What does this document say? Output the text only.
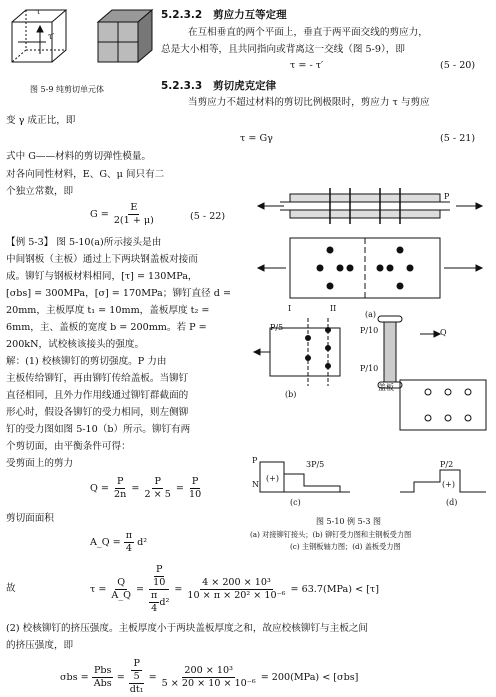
τ
τ′
图 5-9 纯剪切单元体
5.2.3.2 剪应力互等定理
在互相垂直的两个平面上，垂直于两平面交线的剪应力，
总是大小相等，且共同指向或背离这一交线（图 5-9），即
τ = - τ′	(5 - 20)
5.2.3.3 剪切虎克定律
当剪应力不超过材料的剪切比例极限时，剪应力 τ 与剪应
变 γ 成正比，即
τ = Gγ	(5 - 21)
式中 G——材料的剪切弹性模量。
对各向同性材料，E、G、μ 间只有二
个独立常数，即
$G = \frac{E}{2(1 + \mu)}$	(5 - 22)
【例 5-3】 图 5-10(a)所示接头是由
中间钢板（主板）通过上下两块钢盖板对接而
成。铆钉与钢板材料相同，[τ] = 130MPa，
[σbs] = 300MPa，[σ] = 170MPa；铆钉直径 d =
20mm，主板厚度 t₁ = 10mm，盖板厚度 t₂ =
6mm，主、盖板的宽度 b = 200mm。若 P =
200kN，试校核该接头的强度。
解：(1) 校核铆钉的剪切强度。P 力由
主板传给铆钉，再由铆钉传给盖板。当铆钉
直径相同，且外力作用线通过铆钉群截面的
形心时，假设各铆钉的受力相同，则左侧铆
钉的受力图如图 5-10（b）所示。铆钉有两
个剪切面，由平衡条件可得：
受剪面上的剪力
$Q = \frac{P}{2n} = \frac{P}{2 \times 5} = \frac{P}{10}$
剪切面面积
A_Q = $\frac{\pi}{4} d^2$
故	$\tau = \frac{Q}{A\_Q} = \frac{\frac{P}{10}}{\frac{\pi}{4} d^2} = \frac{\text{4 × 200 × 10³}}{\text{10 × π × 20² × 10⁻⁶}} = 63.7(MPa) < [\tau]$
(2) 校核铆钉的挤压强度。主板厚度小于两块盖板厚度之和，故应校核铆钉与主板之间
的挤压强度，即
$\sigma bs = \frac{\text{Pbs}}{\text{Abs}} = \frac{\frac{P}{5}}{\text{dt₁}} = \frac{\text{200 × 10³}}{\text{5 × 20 × 10 × 10⁻⁶}} = 200(MPa) < [\sigma bs]$
(a)
(b)
(c)	(d)
P
I	II
P/5	P/10
P/10
Q
盖板
P
N
3P/5
(+)
P/2
(+)
图 5-10 例 5-3 图
(a) 对接铆钉接头；(b) 铆钉受力图和主钢板受力图
(c) 主钢板轴力图；(d) 盖板受力图
